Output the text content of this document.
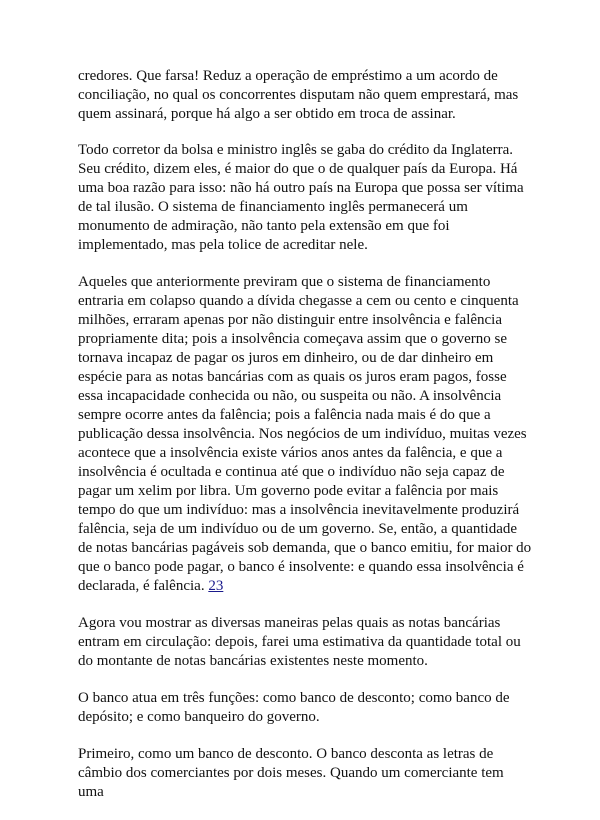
credores. Que farsa! Reduz a operação de empréstimo a um acordo de conciliação, no qual os concorrentes disputam não quem emprestará, mas quem assinará, porque há algo a ser obtido em troca de assinar.

Todo corretor da bolsa e ministro inglês se gaba do crédito da Inglaterra. Seu crédito, dizem eles, é maior do que o de qualquer país da Europa. Há uma boa razão para isso: não há outro país na Europa que possa ser vítima de tal ilusão. O sistema de financiamento inglês permanecerá um monumento de admiração, não tanto pela extensão em que foi implementado, mas pela tolice de acreditar nele.

Aqueles que anteriormente previram que o sistema de financiamento entraria em colapso quando a dívida chegasse a cem ou cento e cinquenta milhões, erraram apenas por não distinguir entre insolvência e falência propriamente dita; pois a insolvência começava assim que o governo se tornava incapaz de pagar os juros em dinheiro, ou de dar dinheiro em espécie para as notas bancárias com as quais os juros eram pagos, fosse essa incapacidade conhecida ou não, ou suspeita ou não. A insolvência sempre ocorre antes da falência; pois a falência nada mais é do que a publicação dessa insolvência. Nos negócios de um indivíduo, muitas vezes acontece que a insolvência existe vários anos antes da falência, e que a insolvência é ocultada e continua até que o indivíduo não seja capaz de pagar um xelim por libra. Um governo pode evitar a falência por mais tempo do que um indivíduo: mas a insolvência inevitavelmente produzirá falência, seja de um indivíduo ou de um governo. Se, então, a quantidade de notas bancárias pagáveis sob demanda, que o banco emitiu, for maior do que o banco pode pagar, o banco é insolvente: e quando essa insolvência é declarada, é falência. 23

Agora vou mostrar as diversas maneiras pelas quais as notas bancárias entram em circulação: depois, farei uma estimativa da quantidade total ou do montante de notas bancárias existentes neste momento.

O banco atua em três funções: como banco de desconto; como banco de depósito; e como banqueiro do governo.

Primeiro, como um banco de desconto. O banco desconta as letras de câmbio dos comerciantes por dois meses. Quando um comerciante tem uma
